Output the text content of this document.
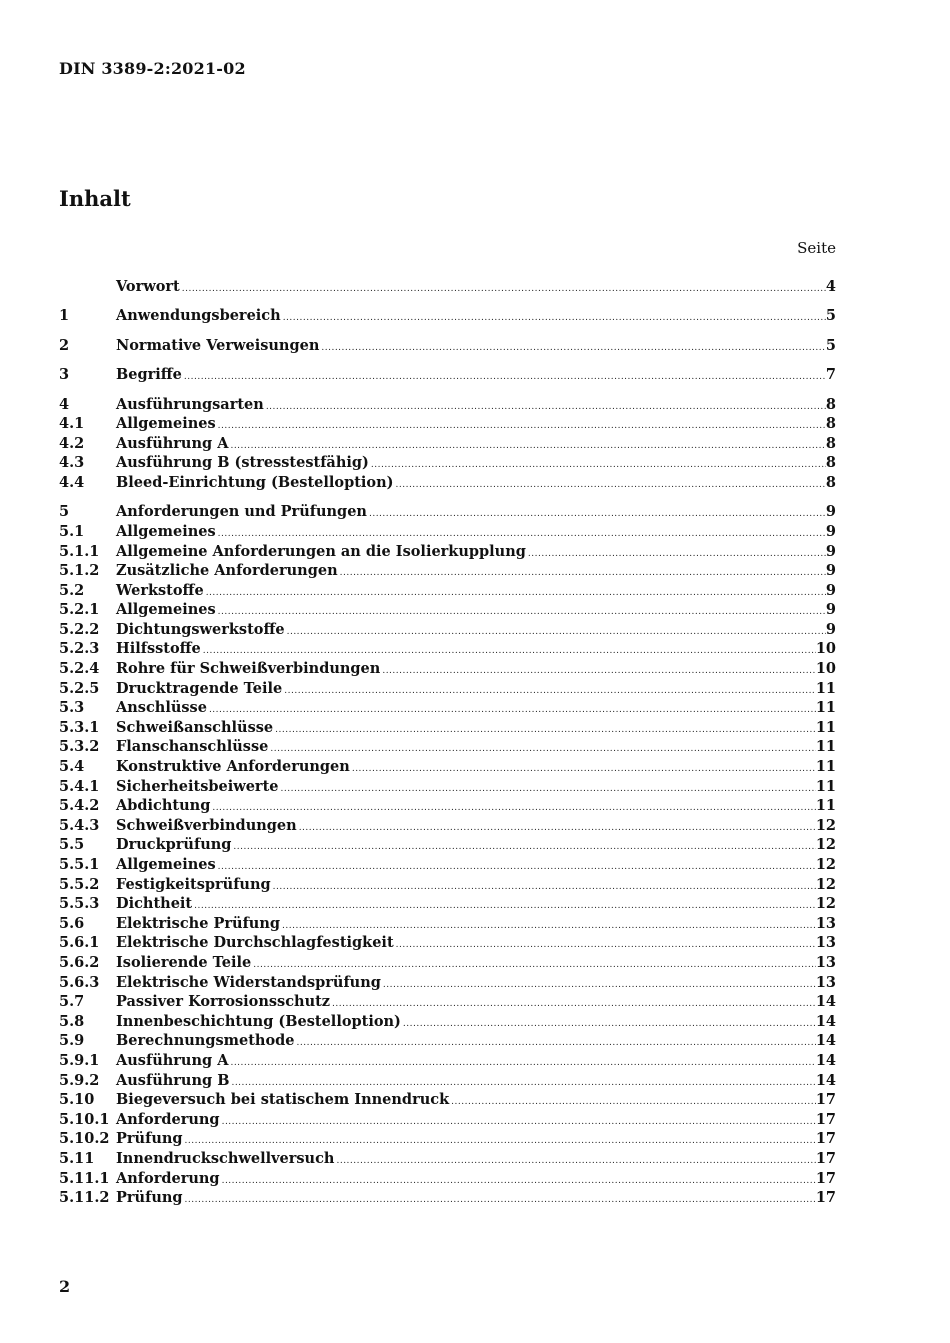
DIN 3389-2:2021-02
Inhalt
Seite
Vorwort .....	4
1	Anwendungsbereich .....	5
2	Normative Verweisungen .....	5
3	Begriffe .....	7
4	Ausführungsarten .....	8
4.1	Allgemeines .....	8
4.2	Ausführung A .....	8
4.3	Ausführung B (stresstestfähig) .....	8
4.4	Bleed-Einrichtung (Bestelloption) .....	8
5	Anforderungen und Prüfungen .....	9
5.1	Allgemeines .....	9
5.1.1	Allgemeine Anforderungen an die Isolierkupplung .....	9
5.1.2	Zusätzliche Anforderungen .....	9
5.2	Werkstoffe .....	9
5.2.1	Allgemeines .....	9
5.2.2	Dichtungswerkstoffe .....	9
5.2.3	Hilfsstoffe .....	10
5.2.4	Rohre für Schweißverbindungen .....	10
5.2.5	Drucktragende Teile .....	11
5.3	Anschlüsse .....	11
5.3.1	Schweißanschlüsse .....	11
5.3.2	Flanschanschlüsse .....	11
5.4	Konstruktive Anforderungen .....	11
5.4.1	Sicherheitsbeiwerte .....	11
5.4.2	Abdichtung .....	11
5.4.3	Schweißverbindungen .....	12
5.5	Druckprüfung .....	12
5.5.1	Allgemeines .....	12
5.5.2	Festigkeitsprüfung .....	12
5.5.3	Dichtheit .....	12
5.6	Elektrische Prüfung .....	13
5.6.1	Elektrische Durchschlagfestigkeit .....	13
5.6.2	Isolierende Teile .....	13
5.6.3	Elektrische Widerstandsprüfung .....	13
5.7	Passiver Korrosionsschutz .....	14
5.8	Innenbeschichtung (Bestelloption) .....	14
5.9	Berechnungsmethode .....	14
5.9.1	Ausführung A .....	14
5.9.2	Ausführung B .....	14
5.10	Biegeversuch bei statischem Innendruck .....	17
5.10.1 Anforderung .....	17
5.10.2 Prüfung .....	17
5.11	Innendruckschwellversuch .....	17
5.11.1 Anforderung .....	17
5.11.2 Prüfung .....	17
2
